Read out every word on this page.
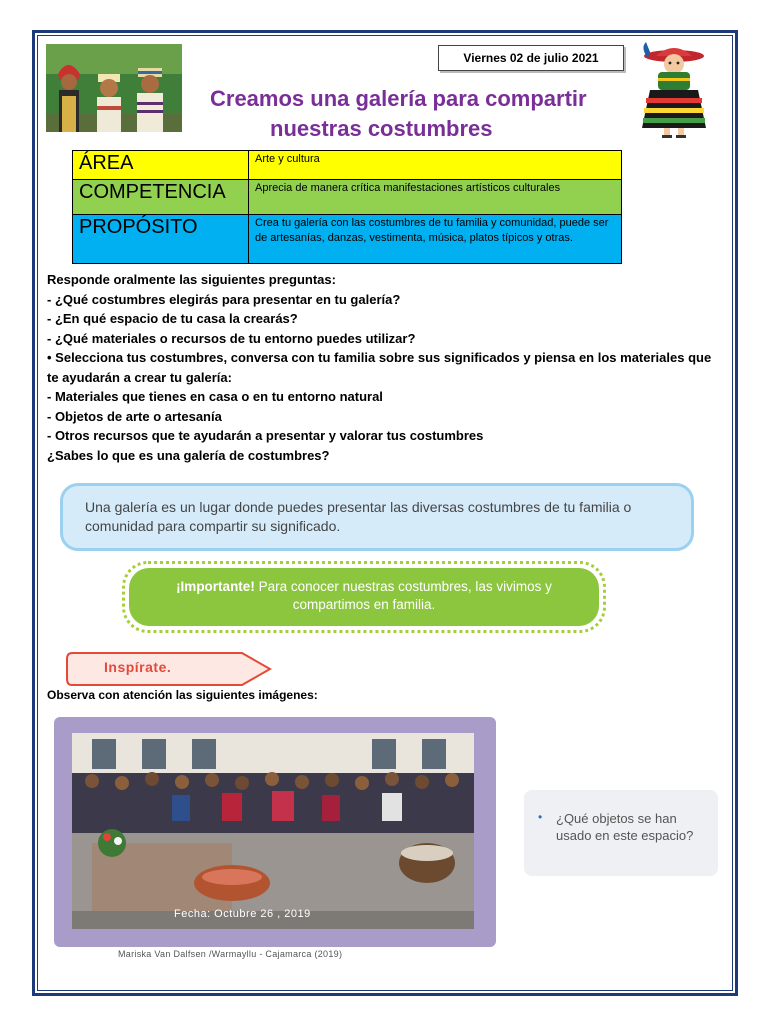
Viernes 02 de julio 2021
Creamos una galería para compartir
nuestras costumbres
ÁREA	Arte y cultura
COMPETENCIA	Aprecia de manera crítica manifestaciones artísticos culturales
PROPÓSITO	Crea tu galería con las costumbres de tu familia y comunidad, puede ser de artesanías, danzas, vestimenta, música, platos típicos y otras.
Responde oralmente las siguientes preguntas:
- ¿Qué costumbres elegirás para presentar en tu galería?
- ¿En qué espacio de tu casa la crearás?
- ¿Qué materiales o recursos de tu entorno puedes utilizar?
• Selecciona tus costumbres, conversa con tu familia sobre sus significados y piensa en los materiales que te ayudarán a crear tu galería:
- Materiales que tienes en casa o en tu entorno natural
- Objetos de arte o artesanía
- Otros recursos que te ayudarán a presentar y valorar tus costumbres
¿Sabes lo que es una galería de costumbres?
Una galería es un lugar donde puedes presentar las diversas costumbres de tu familia o comunidad para compartir su significado.
¡Importante! Para conocer nuestras costumbres, las vivimos y compartimos en familia.
Inspírate.
Observa con atención las siguientes imágenes:
Fecha: Octubre 26 , 2019
Mariska Van Dalfsen /Warmayllu - Cajamarca (2019)
• ¿Qué objetos se han usado en este espacio?
